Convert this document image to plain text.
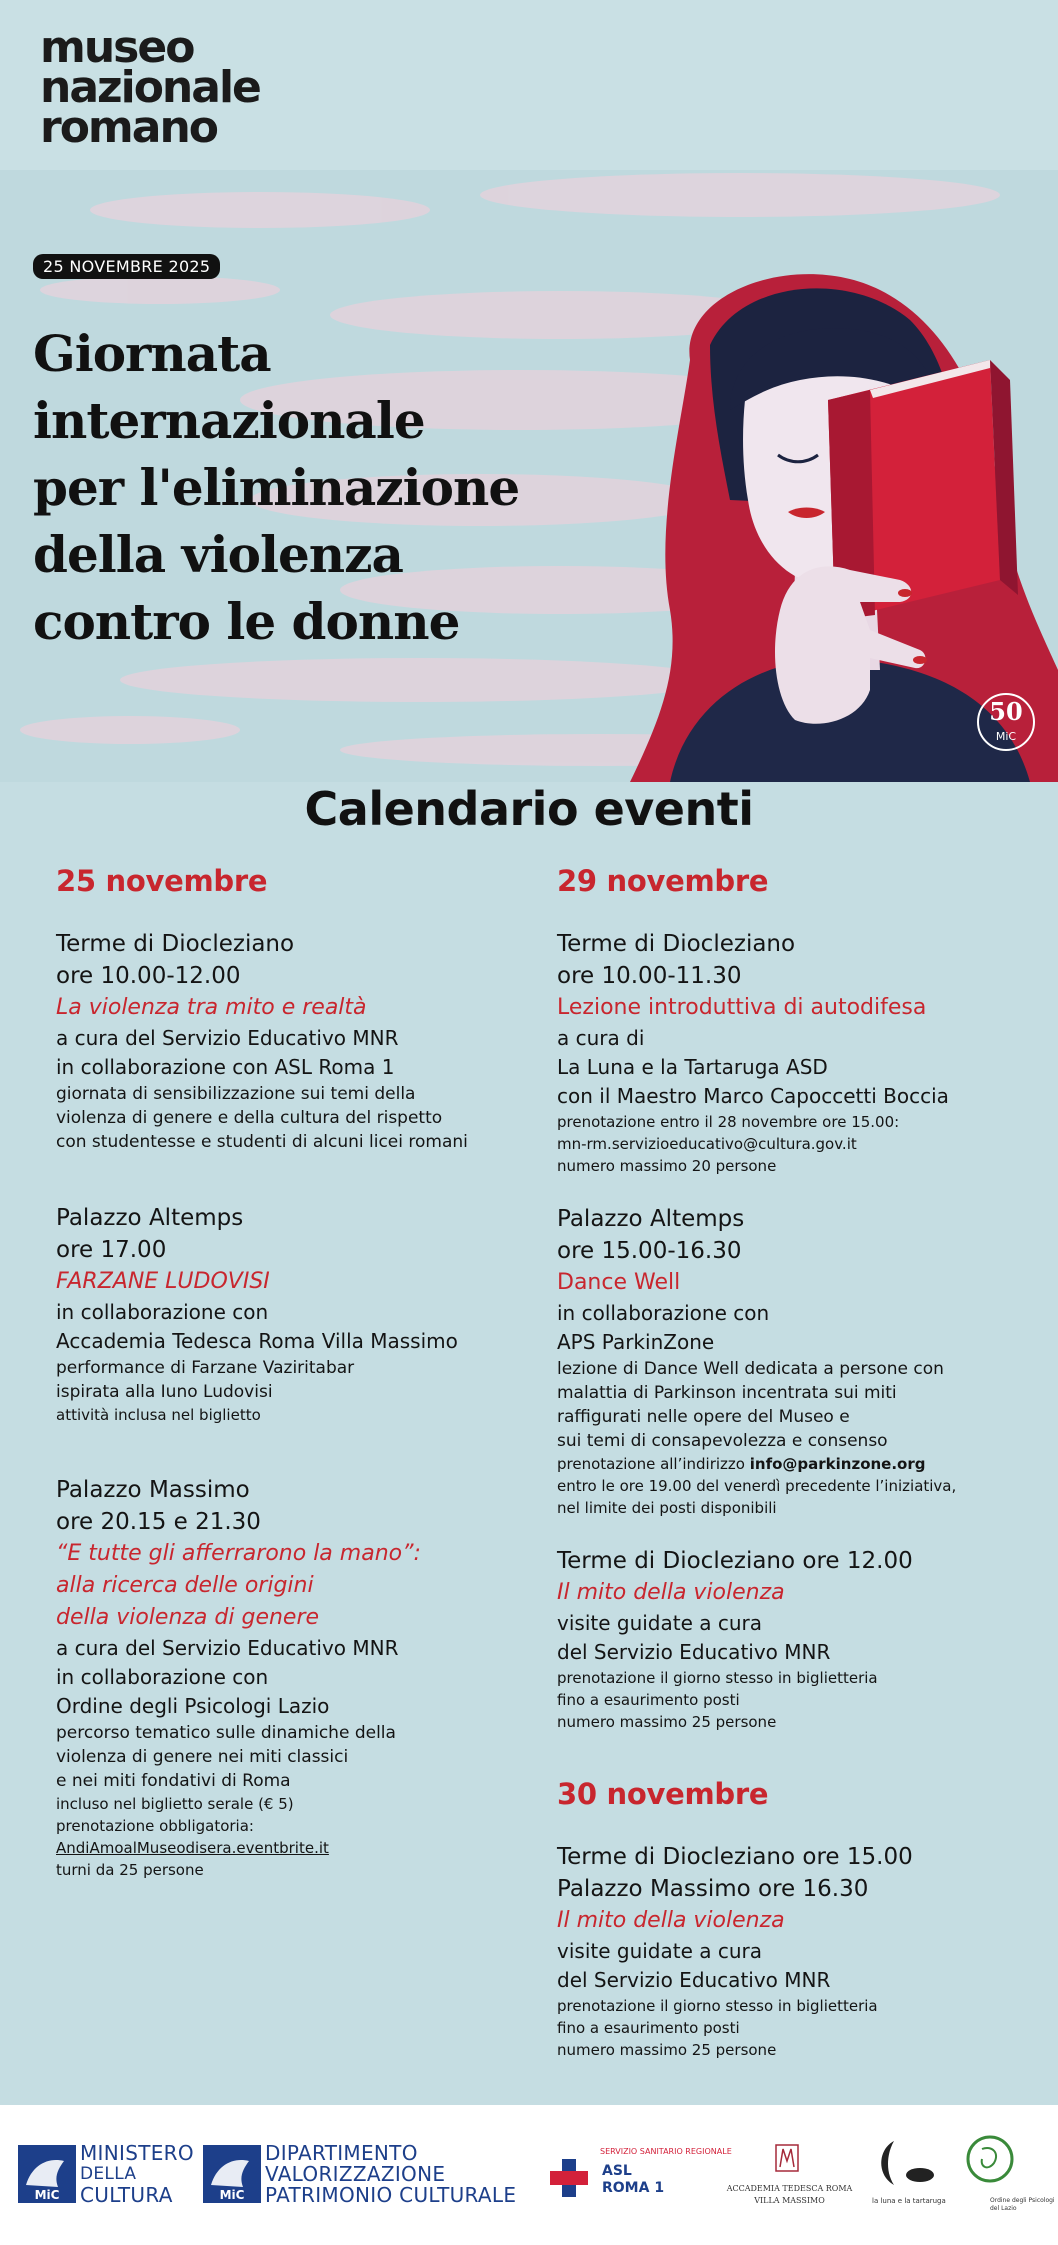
museo
nazionale
romano
25 NOVEMBRE 2025
Giornata
internazionale
per l'eliminazione
della violenza
contro le donne
50
MiC
Calendario eventi
25 novembre
Terme di Diocleziano
ore 10.00-12.00
La violenza tra mito e realtà
a cura del Servizio Educativo MNR
in collaborazione con ASL Roma 1
giornata di sensibilizzazione sui temi della
violenza di genere e della cultura del rispetto
con studentesse e studenti di alcuni licei romani
Palazzo Altemps
ore 17.00
FARZANE LUDOVISI
in collaborazione con
Accademia Tedesca Roma Villa Massimo
performance di Farzane Vaziritabar
ispirata alla Iuno Ludovisi
attività inclusa nel biglietto
Palazzo Massimo
ore 20.15 e 21.30
“E tutte gli afferrarono la mano”:
alla ricerca delle origini
della violenza di genere
a cura del Servizio Educativo MNR
in collaborazione con
Ordine degli Psicologi Lazio
percorso tematico sulle dinamiche della
violenza di genere nei miti classici
e nei miti fondativi di Roma
incluso nel biglietto serale (€ 5)
prenotazione obbligatoria:
AndiAmoalMuseodisera.eventbrite.it
turni da 25 persone
29 novembre
Terme di Diocleziano
ore 10.00-11.30
Lezione introduttiva di autodifesa
a cura di
La Luna e la Tartaruga ASD
con il Maestro Marco Capoccetti Boccia
prenotazione entro il 28 novembre ore 15.00:
mn-rm.servizioeducativo@cultura.gov.it
numero massimo 20 persone
Palazzo Altemps
ore 15.00-16.30
Dance Well
in collaborazione con
APS ParkinZone
lezione di Dance Well dedicata a persone con
malattia di Parkinson incentrata sui miti
raffigurati nelle opere del Museo e
sui temi di consapevolezza e consenso
prenotazione all’indirizzo info@parkinzone.org
entro le ore 19.00 del venerdì precedente l’iniziativa,
nel limite dei posti disponibili
Terme di Diocleziano ore 12.00
Il mito della violenza
visite guidate a cura
del Servizio Educativo MNR
prenotazione il giorno stesso in biglietteria
fino a esaurimento posti
numero massimo 25 persone
30 novembre
Terme di Diocleziano ore 15.00
Palazzo Massimo ore 16.30
Il mito della violenza
visite guidate a cura
del Servizio Educativo MNR
prenotazione il giorno stesso in biglietteria
fino a esaurimento posti
numero massimo 25 persone
MiC
MINISTERO
DELLA
CULTURA	MiC
DIPARTIMENTO
VALORIZZAZIONE
PATRIMONIO CULTURALE
SERVIZIO SANITARIO REGIONALE
ASL
ROMA 1	ACCADEMIA TEDESCA ROMA
VILLA MASSIMO	la luna e la tartaruga	Ordine degli Psicologi del Lazio
